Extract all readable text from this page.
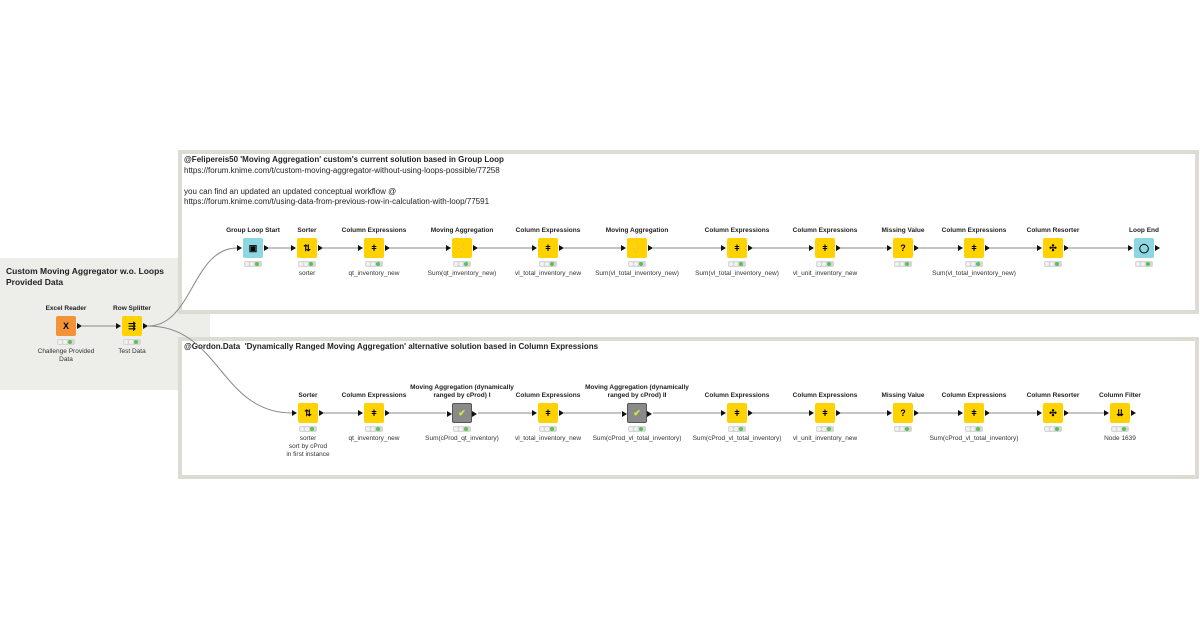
Custom Moving Aggregator w.o. Loops
Provided Data
@Felipereis50 'Moving Aggregation' custom's current solution based in Group Loop
https://forum.knime.com/t/custom-moving-aggregator-without-using-loops-possible/77258

you can find an updated an updated conceptual workflow @
https://forum.knime.com/t/using-data-from-previous-row-in-calculation-with-loop/77591
@Gordon.Data  'Dynamically Ranged Moving Aggregation' alternative solution based in Column Expressions
Excel Reader
X
Challenge Provided
Data
Row Splitter
⇶
Test Data
Group Loop Start
▣
Sorter
⇅
sorter
Column Expressions
ǂ
qt_inventory_new
Moving Aggregation
⚡
Sum(qt_inventory_new)
Column Expressions
ǂ
vl_total_inventory_new
Moving Aggregation
⚡
Sum(vl_total_inventory_new)
Column Expressions
ǂ
Sum(vl_total_inventory_new)
Column Expressions
ǂ
vl_unit_inventory_new
Missing Value
?
Column Expressions
ǂ
Sum(vl_total_inventory_new)
Column Resorter
✣
Loop End
◯
Sorter
⇅
sorter
sort by cProd
in first instance
Column Expressions
ǂ
qt_inventory_new
Moving Aggregation (dynamically
ranged by cProd) I
✔
Sum(cProd_qt_inventory)
Column Expressions
ǂ
vl_total_inventory_new
Moving Aggregation (dynamically
ranged by cProd) II
✔
Sum(cProd_vl_total_inventory)
Column Expressions
ǂ
Sum(cProd_vl_total_inventory)
Column Expressions
ǂ
vl_unit_inventory_new
Missing Value
?
Column Expressions
ǂ
Sum(cProd_vl_total_inventory)
Column Resorter
✣
Column Filter
⇊
Node 1639
